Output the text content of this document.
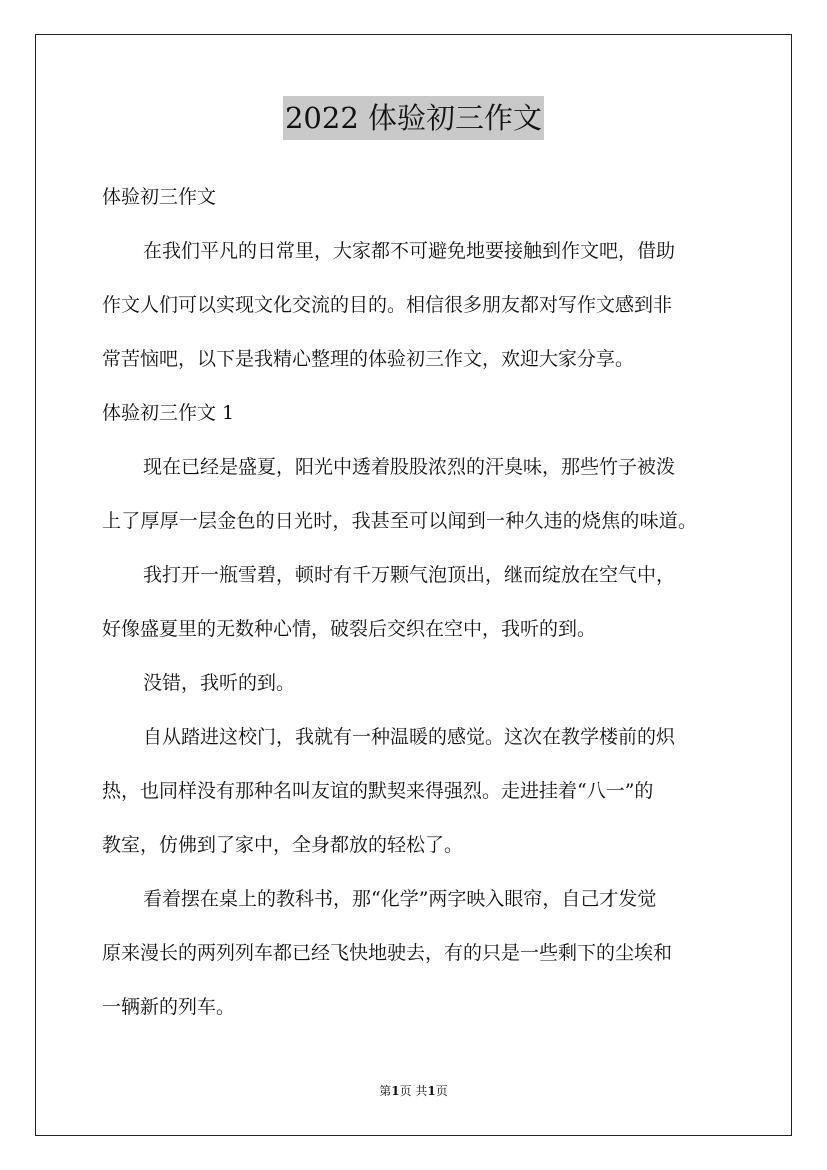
2022 体验初三作文
体验初三作文
在我们平凡的日常里，大家都不可避免地要接触到作文吧，借助
作文人们可以实现文化交流的目的。相信很多朋友都对写作文感到非
常苦恼吧，以下是我精心整理的体验初三作文，欢迎大家分享。
体验初三作文 1
现在已经是盛夏，阳光中透着股股浓烈的汗臭味，那些竹子被泼
上了厚厚一层金色的日光时，我甚至可以闻到一种久违的烧焦的味道。
我打开一瓶雪碧，顿时有千万颗气泡顶出，继而绽放在空气中，
好像盛夏里的无数种心情，破裂后交织在空中，我听的到。
没错，我听的到。
自从踏进这校门，我就有一种温暖的感觉。这次在教学楼前的炽
热，也同样没有那种名叫友谊的默契来得强烈。走进挂着“八一”的
教室，仿佛到了家中，全身都放的轻松了。
看着摆在桌上的教科书，那“化学”两字映入眼帘，自己才发觉
原来漫长的两列列车都已经飞快地驶去，有的只是一些剩下的尘埃和
一辆新的列车。
第1页 共1页
